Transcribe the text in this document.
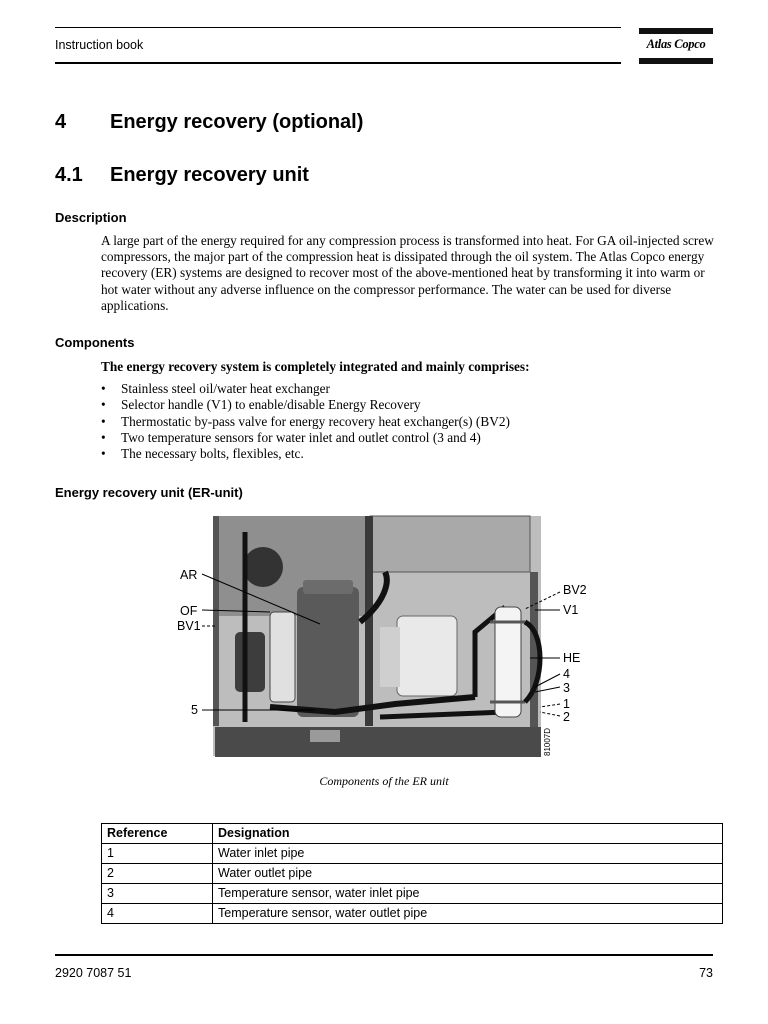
Instruction book	Atlas Copco
4 Energy recovery (optional)
4.1 Energy recovery unit
Description
A large part of the energy required for any compression process is transformed into heat. For GA oil-injected screw compressors, the major part of the compression heat is dissipated through the oil system. The Atlas Copco energy recovery (ER) systems are designed to recover most of the above-mentioned heat by transforming it into warm or hot water without any adverse influence on the compressor performance. The water can be used for diverse applications.
Components
The energy recovery system is completely integrated and mainly comprises:
• Stainless steel oil/water heat exchanger
• Selector handle (V1) to enable/disable Energy Recovery
• Thermostatic by-pass valve for energy recovery heat exchanger(s) (BV2)
• Two temperature sensors for water inlet and outlet control (3 and 4)
• The necessary bolts, flexibles, etc.
Energy recovery unit (ER-unit)
81007D
AR
OF
BV1
5
BV2
V1
HE
4
3
1
2
Components of the ER unit
Reference	Designation
1	Water inlet pipe
2	Water outlet pipe
3	Temperature sensor, water inlet pipe
4	Temperature sensor, water outlet pipe
2920 7087 51	73
